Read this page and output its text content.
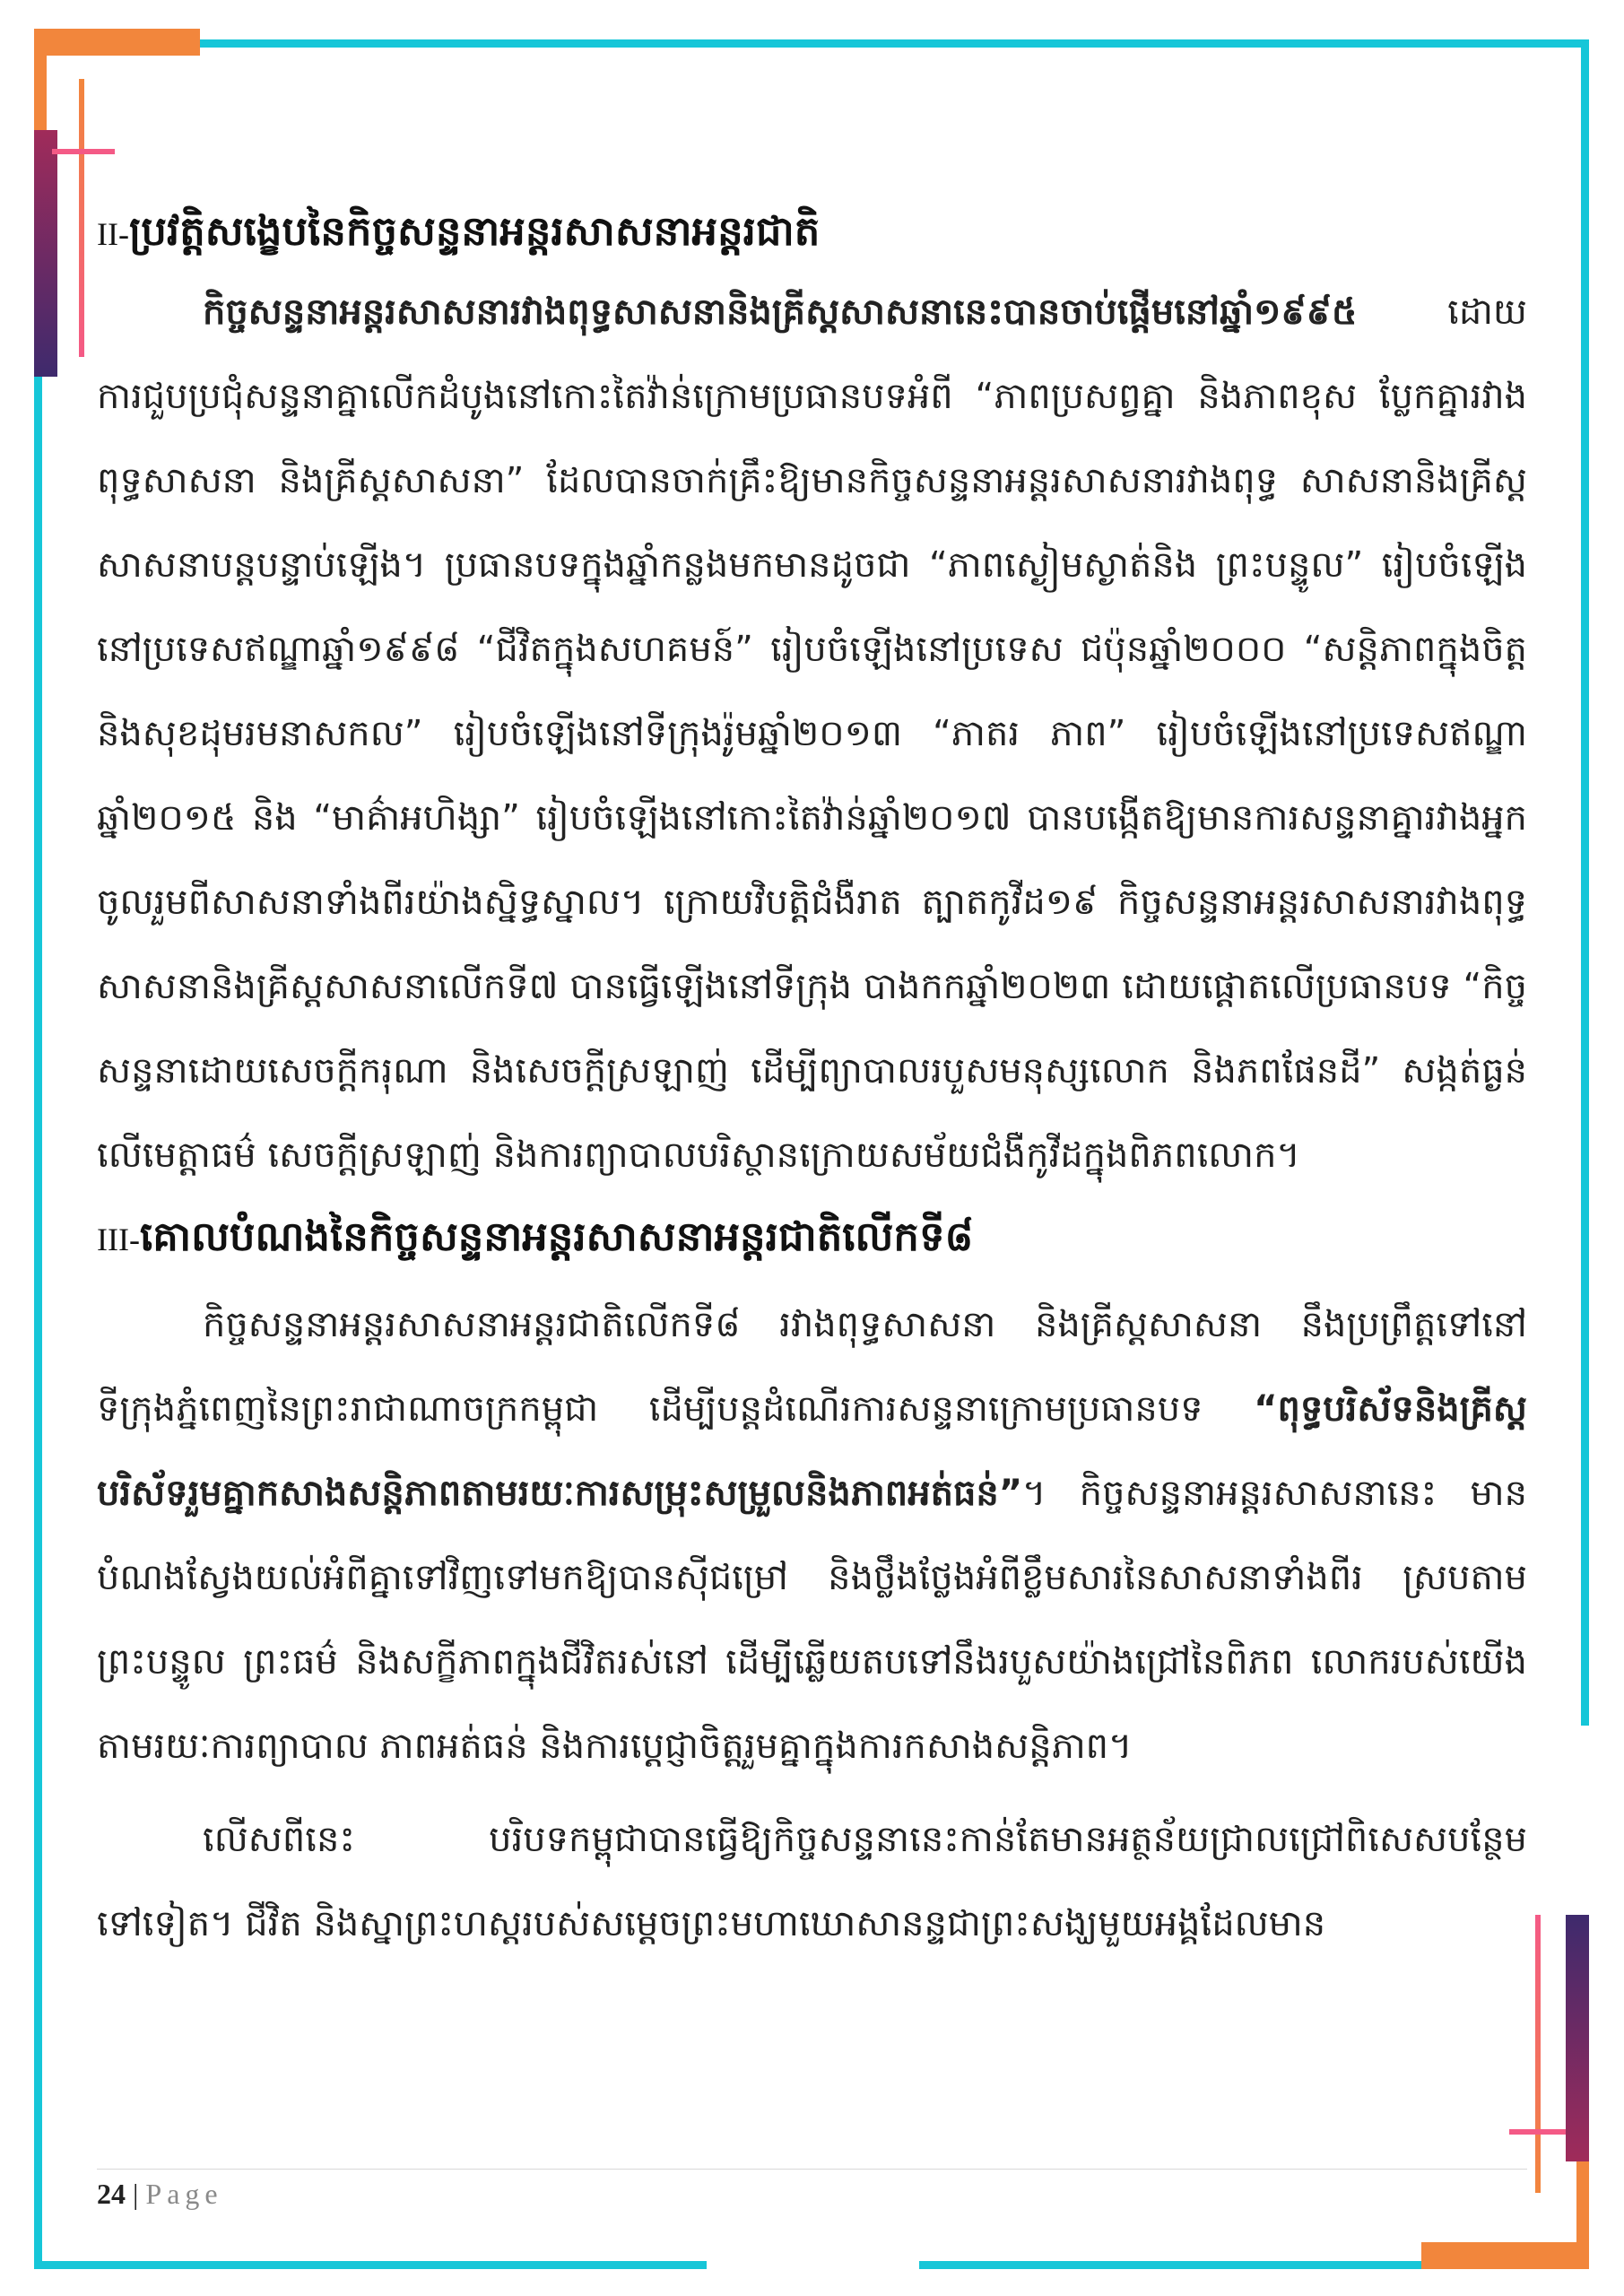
II-ប្រវត្តិសង្ខេបនៃកិច្ចសន្ទនាអន្តរសាសនាអន្តរជាតិ

កិច្ចសន្ទនាអន្តរសាសនារវាងពុទ្ធសាសនានិងគ្រីស្តសាសនានេះបានចាប់ផ្ដើមនៅឆ្នាំ១៩៩៥ ដោយការជួបប្រជុំសន្ទនាគ្នាលើកដំបូងនៅកោះតៃវ៉ាន់ក្រោមប្រធានបទអំពី “ភាពប្រសព្វគ្នា និងភាពខុស ប្លែកគ្នារវាងពុទ្ធសាសនា និងគ្រីស្តសាសនា” ដែលបានចាក់គ្រឹះឱ្យមានកិច្ចសន្ទនាអន្តរសាសនារវាងពុទ្ធ សាសនានិងគ្រីស្តសាសនាបន្តបន្ទាប់ឡើង។ ប្រធានបទក្នុងឆ្នាំកន្លងមកមានដូចជា “ភាពស្ងៀមស្ងាត់និង ព្រះបន្ទូល” រៀបចំឡើងនៅប្រទេសឥណ្ឌាឆ្នាំ១៩៩៨ “ជីវិតក្នុងសហគមន៍” រៀបចំឡើងនៅប្រទេស ជប៉ុនឆ្នាំ២០០០ “សន្តិភាពក្នុងចិត្តនិងសុខដុមរមនាសកល” រៀបចំឡើងនៅទីក្រុងរ៉ូមឆ្នាំ២០១៣ “ភាតរ ភាព” រៀបចំឡើងនៅប្រទេសឥណ្ឌាឆ្នាំ២០១៥ និង “មាគ៌ាអហិង្សា” រៀបចំឡើងនៅកោះតៃវ៉ាន់ឆ្នាំ២០១៧ បានបង្កើតឱ្យមានការសន្ទនាគ្នារវាងអ្នកចូលរួមពីសាសនាទាំងពីរយ៉ាងស្និទ្ធស្នាល។ ក្រោយវិបត្តិជំងឺរាត ត្បាតកូវីដ១៩ កិច្ចសន្ទនាអន្តរសាសនារវាងពុទ្ធសាសនានិងគ្រីស្តសាសនាលើកទី៧ បានធ្វើឡើងនៅទីក្រុង បាងកកឆ្នាំ២០២៣ ដោយផ្ដោតលើប្រធានបទ “កិច្ចសន្ទនាដោយសេចក្ដីករុណា និងសេចក្ដីស្រឡាញ់ ដើម្បីព្យាបាលរបួសមនុស្សលោក និងភពផែនដី” សង្កត់ធ្ងន់លើមេត្តាធម៌ សេចក្ដីស្រឡាញ់ និងការព្យាបាលបរិស្ថានក្រោយសម័យជំងឺកូវីដក្នុងពិភពលោក។

III-គោលបំណងនៃកិច្ចសន្ទនាអន្តរសាសនាអន្តរជាតិលើកទី៨

កិច្ចសន្ទនាអន្តរសាសនាអន្តរជាតិលើកទី៨ រវាងពុទ្ធសាសនា និងគ្រីស្តសាសនា នឹងប្រព្រឹត្តទៅនៅ ទីក្រុងភ្នំពេញនៃព្រះរាជាណាចក្រកម្ពុជា ដើម្បីបន្តដំណើរការសន្ទនាក្រោមប្រធានបទ “ពុទ្ធបរិស័ទនិងគ្រីស្ត បរិស័ទរួមគ្នាកសាងសន្តិភាពតាមរយៈការសម្រុះសម្រួលនិងភាពអត់ធន់”។ កិច្ចសន្ទនាអន្តរសាសនានេះ មានបំណងស្វែងយល់អំពីគ្នាទៅវិញទៅមកឱ្យបានស៊ីជម្រៅ និងថ្លឹងថ្លែងអំពីខ្លឹមសារនៃសាសនាទាំងពីរ ស្របតាមព្រះបន្ទូល ព្រះធម៌ និងសក្ខីភាពក្នុងជីវិតរស់នៅ ដើម្បីឆ្លើយតបទៅនឹងរបួសយ៉ាងជ្រៅនៃពិភព លោករបស់យើងតាមរយៈការព្យាបាល ភាពអត់ធន់ និងការប្ដេជ្ញាចិត្តរួមគ្នាក្នុងការកសាងសន្តិភាព។

លើសពីនេះ បរិបទកម្ពុជាបានធ្វើឱ្យកិច្ចសន្ទនានេះកាន់តែមានអត្ថន័យជ្រាលជ្រៅពិសេសបន្ថែម ទៅទៀត។ ជីវិត និងស្នាព្រះហស្តរបស់សម្ដេចព្រះមហាឃោសានន្ទជាព្រះសង្ឃមួយអង្គដែលមាន

24 | Page
